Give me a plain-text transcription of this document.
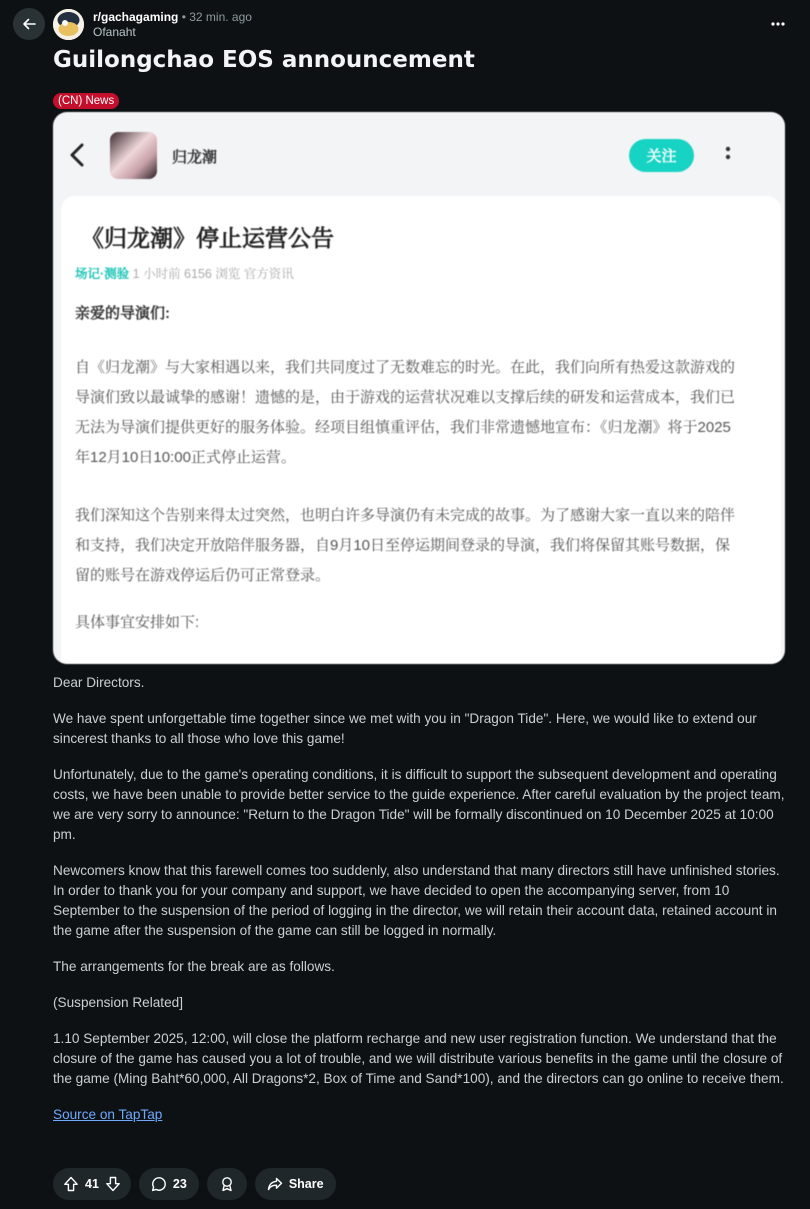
r/gachagaming • 32 min. ago
Ofanaht
Guilongchao EOS announcement
(CN) News
归龙潮	关注
《归龙潮》停止运营公告
场记·测验 1 小时前 6156 浏览 官方资讯
亲爱的导演们:
自《归龙潮》与大家相遇以来，我们共同度过了无数难忘的时光。在此，我们向所有热爱这款游戏的导演们致以最诚挚的感谢！遗憾的是，由于游戏的运营状况难以支撑后续的研发和运营成本，我们已无法为导演们提供更好的服务体验。经项目组慎重评估，我们非常遗憾地宣布：《归龙潮》将于2025年12月10日10:00正式停止运营。
我们深知这个告别来得太过突然，也明白许多导演仍有未完成的故事。为了感谢大家一直以来的陪伴和支持，我们决定开放陪伴服务器，自9月10日至停运期间登录的导演，我们将保留其账号数据，保留的账号在游戏停运后仍可正常登录。
具体事宜安排如下:

Dear Directors.

We have spent unforgettable time together since we met with you in "Dragon Tide". Here, we would like to extend our sincerest thanks to all those who love this game!

Unfortunately, due to the game's operating conditions, it is difficult to support the subsequent development and operating costs, we have been unable to provide better service to the guide experience. After careful evaluation by the project team, we are very sorry to announce: "Return to the Dragon Tide" will be formally discontinued on 10 December 2025 at 10:00 pm.

Newcomers know that this farewell comes too suddenly, also understand that many directors still have unfinished stories. In order to thank you for your company and support, we have decided to open the accompanying server, from 10 September to the suspension of the period of logging in the director, we will retain their account data, retained account in the game after the suspension of the game can still be logged in normally.

The arrangements for the break are as follows.

(Suspension Related]

1.10 September 2025, 12:00, will close the platform recharge and new user registration function. We understand that the closure of the game has caused you a lot of trouble, and we will distribute various benefits in the game until the closure of the game (Ming Baht*60,000, All Dragons*2, Box of Time and Sand*100), and the directors can go online to receive them.

Source on TapTap

41	23	Share
